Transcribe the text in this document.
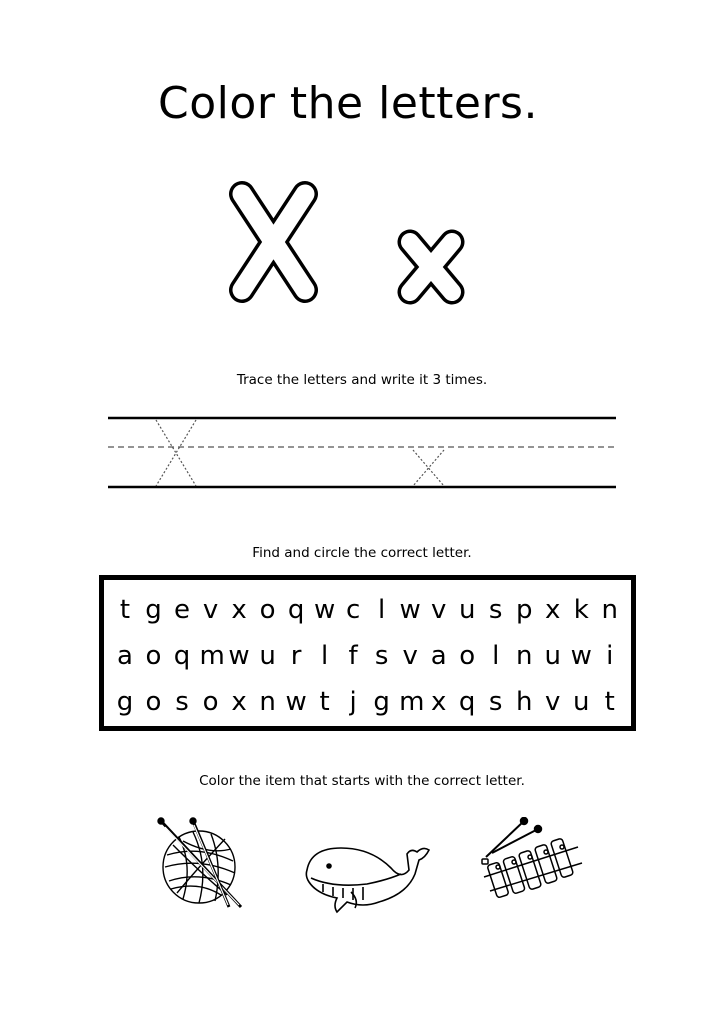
Color the letters.
Trace the letters and write it 3 times.
Find and circle the correct letter.
t g e v x o q w c l w v u s p x k n
a o q m w u r l f s v a o l n u w i
g o s o x n w t j g m x q s h v u t
Color the item that starts with the correct letter.
